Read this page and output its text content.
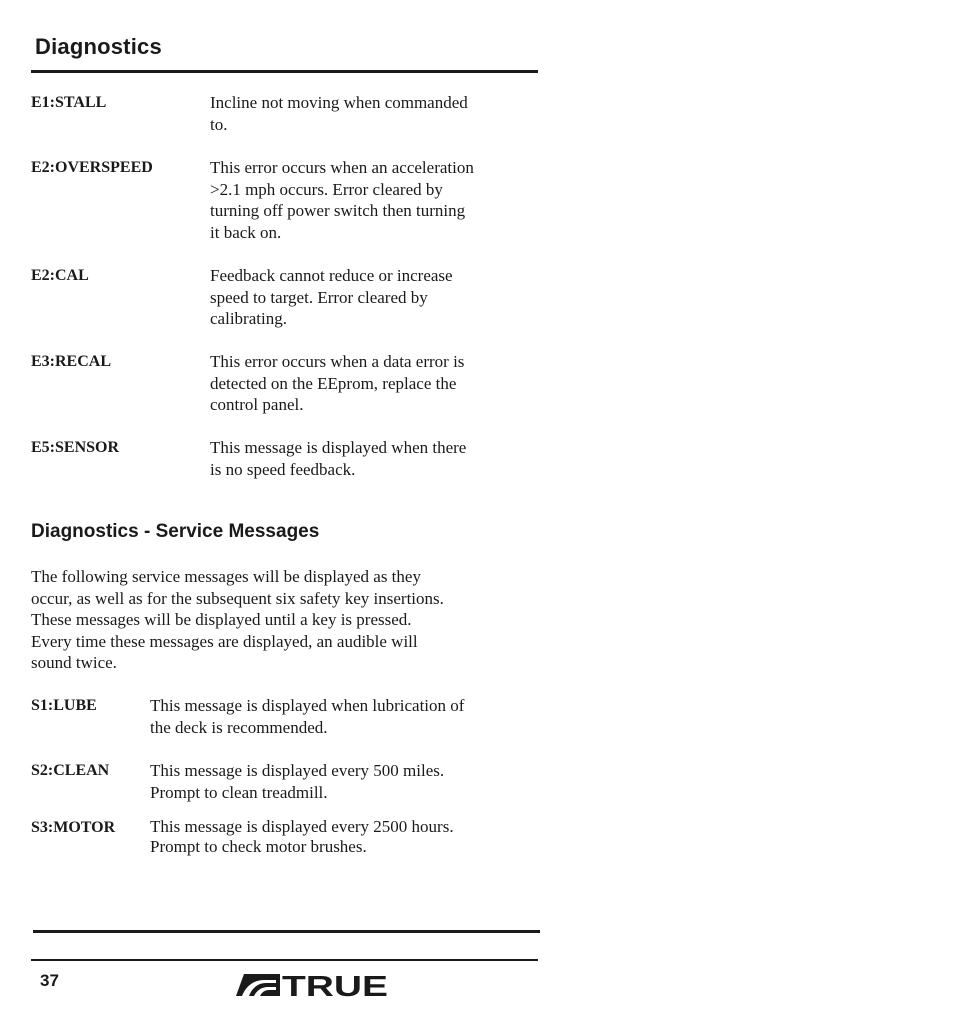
Diagnostics
E1:STALL	Incline not moving when commanded
to.
E2:OVERSPEED	This error occurs when an acceleration
>2.1 mph occurs. Error cleared by
turning off power switch then turning
it back on.
E2:CAL	Feedback cannot reduce or increase
speed to target. Error cleared by
calibrating.
E3:RECAL	This error occurs when a data error is
detected on the EEprom, replace the
control panel.
E5:SENSOR	This message is displayed when there
is no speed feedback.
Diagnostics - Service Messages
The following service messages will be displayed as they
occur, as well as for the subsequent six safety key insertions.
These messages will be displayed until a key is pressed.
Every time these messages are displayed, an audible will
sound twice.
S1:LUBE	This message is displayed when lubrication of
the deck is recommended.
S2:CLEAN This message is displayed every 500 miles.
Prompt to clean treadmill.
S3:MOTOR This message is displayed every 2500 hours.
Prompt to check motor brushes.
37	TRUE
